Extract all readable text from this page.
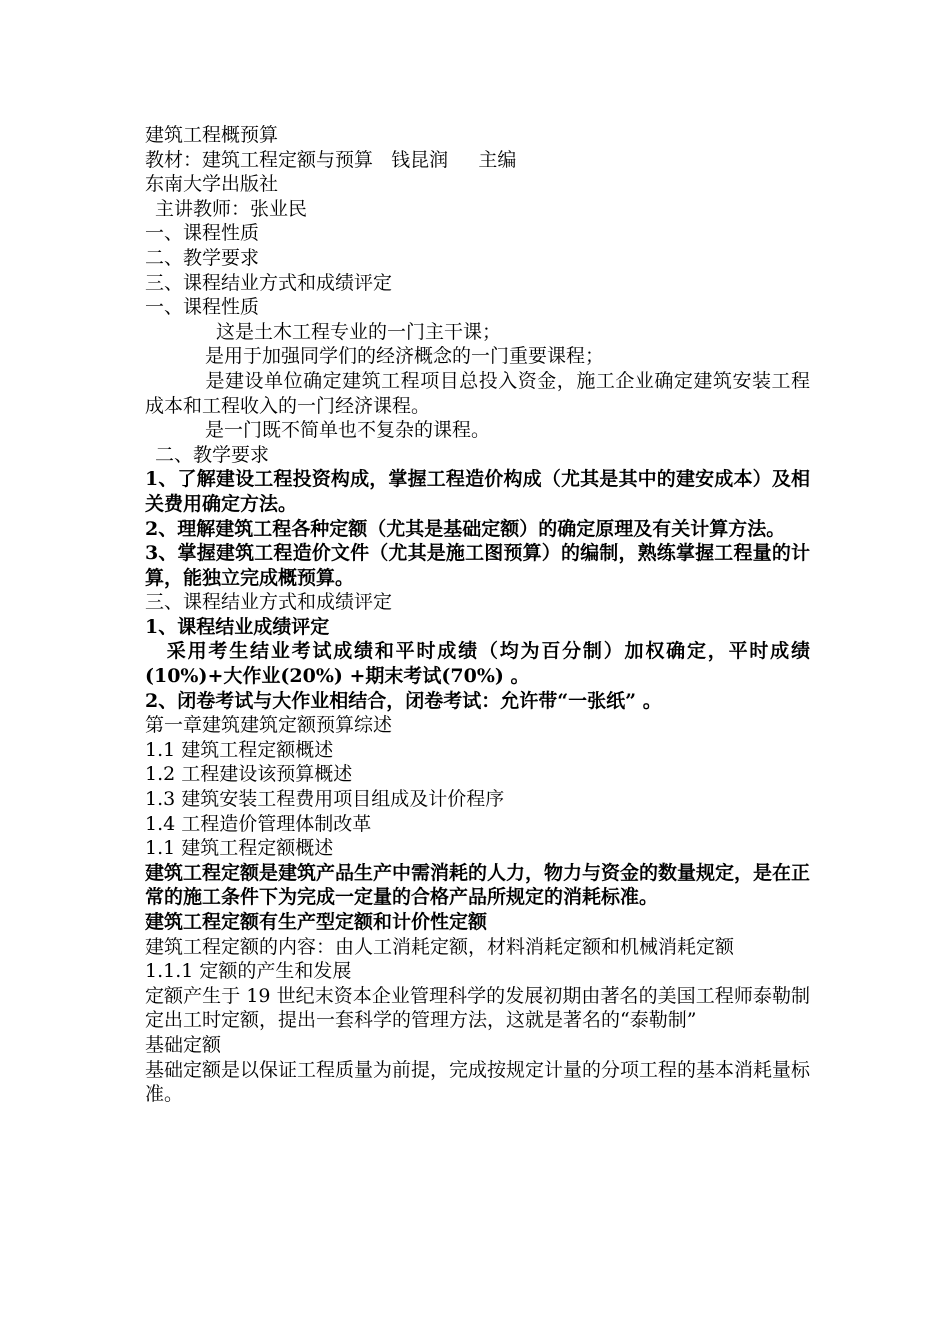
建筑工程概预算

教材：建筑工程定额与预算   钱昆润     主编

东南大学出版社

主讲教师：张业民

一、课程性质

二、教学要求

三、课程结业方式和成绩评定

一、课程性质

这是土木工程专业的一门主干课；

是用于加强同学们的经济概念的一门重要课程；

是建设单位确定建筑工程项目总投入资金，施工企业确定建筑安装工程成本和工程收入的一门经济课程。

是一门既不简单也不复杂的课程。

二、教学要求

1、了解建设工程投资构成，掌握工程造价构成（尤其是其中的建安成本）及相关费用确定方法。

2、理解建筑工程各种定额（尤其是基础定额）的确定原理及有关计算方法。

3、掌握建筑工程造价文件（尤其是施工图预算）的编制，熟练掌握工程量的计算，能独立完成概预算。

三、课程结业方式和成绩评定

1、课程结业成绩评定

采用考生结业考试成绩和平时成绩（均为百分制）加权确定，平时成绩(10%)+大作业(20%) +期末考试(70%) 。

2、闭卷考试与大作业相结合，闭卷考试：允许带“一张纸” 。

第一章建筑建筑定额预算综述

1.1 建筑工程定额概述

1.2 工程建设该预算概述

1.3 建筑安装工程费用项目组成及计价程序

1.4 工程造价管理体制改革

1.1 建筑工程定额概述

建筑工程定额是建筑产品生产中需消耗的人力，物力与资金的数量规定，是在正常的施工条件下为完成一定量的合格产品所规定的消耗标准。

建筑工程定额有生产型定额和计价性定额

建筑工程定额的内容：由人工消耗定额，材料消耗定额和机械消耗定额

1.1.1 定额的产生和发展

定额产生于 19 世纪末资本企业管理科学的发展初期由著名的美国工程师泰勒制定出工时定额，提出一套科学的管理方法，这就是著名的“泰勒制”

基础定额

基础定额是以保证工程质量为前提，完成按规定计量的分项工程的基本消耗量标准。
